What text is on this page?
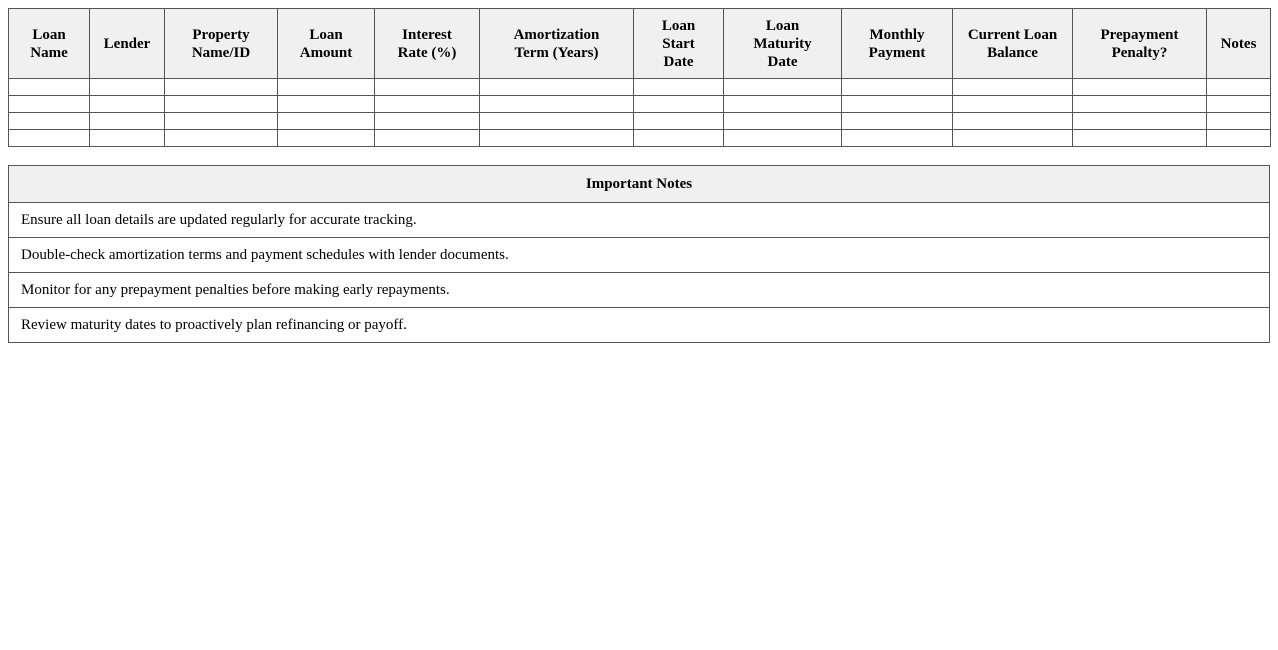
Loan Name	Lender	Property Name/ID	Loan Amount	Interest Rate (%)	Amortization Term (Years)	Loan Start Date	Loan Maturity Date	Monthly Payment	Current Loan Balance	Prepayment Penalty?	Notes

Important Notes
Ensure all loan details are updated regularly for accurate tracking.
Double-check amortization terms and payment schedules with lender documents.
Monitor for any prepayment penalties before making early repayments.
Review maturity dates to proactively plan refinancing or payoff.
